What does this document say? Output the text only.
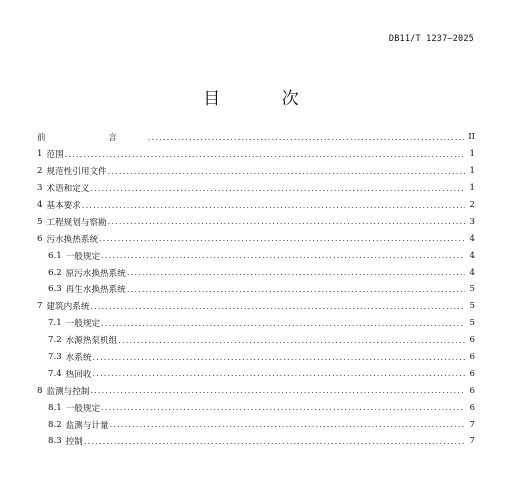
DB11/T 1237—2025
目 次
前 言 .....	II
1 范围 .....	1
2 规范性引用文件 .....	1
3 术语和定义 .....	1
4 基本要求 .....	2
5 工程规划与察勘 .....	3
6 污水换热系统 .....	4
6.1 一般规定 .....	4
6.2 原污水换热系统 .....	4
6.3 再生水换热系统 .....	5
7 建筑内系统 .....	5
7.1 一般规定 .....	5
7.2 水源热泵机组 .....	6
7.3 水系统 .....	6
7.4 热回收 .....	6
8 监测与控制 .....	6
8.1 一般规定 .....	6
8.2 监测与计量 .....	7
8.3 控制 .....	7
